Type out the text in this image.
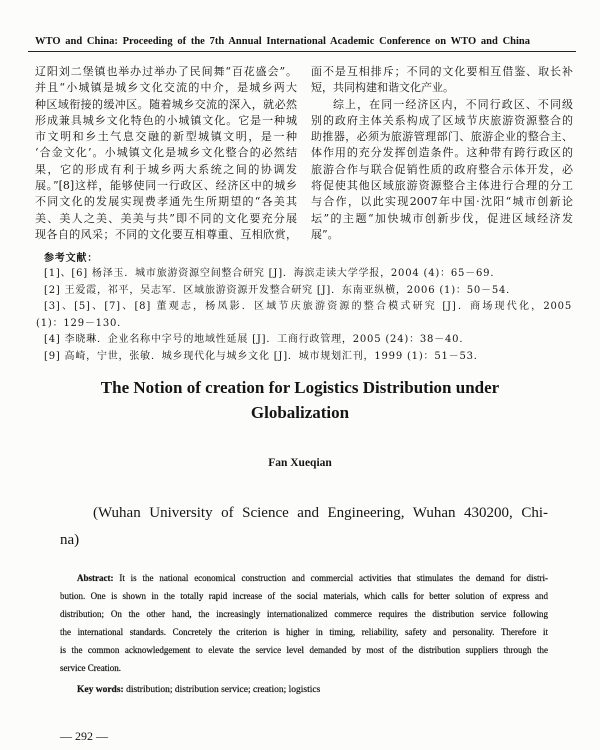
WTO and China: Proceeding of the 7th Annual International Academic Conference on WTO and China
辽阳刘二堡镇也举办过举办了民间舞“百花盛会”。
并且“小城镇是城乡文化交流的中介，是城乡两大
种区域衔接的缓冲区。随着城乡交流的深入，就必然
形成兼具城乡文化特色的小城镇文化。它是一种城
市文明和乡土气息交融的新型城镇文明，是一种
‘合金文化’。小城镇文化是城乡文化整合的必然结
果，它的形成有利于城乡两大系统之间的协调发
展。”[8]这样，能够使同一行政区、经济区中的城乡
不同文化的发展实现费孝通先生所期望的“各美其
美、美人之美、美美与共”即不同的文化要充分展
现各自的风采；不同的文化要互相尊重、互相欣赏，
面不是互相排斥；不同的文化要相互借鉴、取长补
短，共同构建和谐文化产业。
综上，在同一经济区内，不同行政区、不同级
别的政府主体关系构成了区域节庆旅游资源整合的
助推器，必须为旅游管理部门、旅游企业的整合主、
体作用的充分发挥创造条件。这种带有跨行政区的
旅游合作与联合促销性质的政府整合示体开发，必
将促使其他区域旅游资源整合主体进行合理的分工
与合作，以此实现2007年中国·沈阳“城市创新论
坛”的主题“加快城市创新步伐，促进区域经济发
展”。
参考文献：
[1]、[6] 杨泽玉．城市旅游资源空间整合研究 [J]．海滨走读大学学报，2004 (4)：65－69．
[2] 王爱霞，祁平，吴志军．区域旅游资源开发整合研究 [J]．东南亚纵横，2006 (1)：50－54．
[3]、[5]、[7]、[8] 董观志，杨凤影．区域节庆旅游资源的整合模式研究 [J]．商场现代化，2005
(1)：129－130．
[4] 李晓琳．企业名称中字号的地域性延展 [J]．工商行政管理，2005 (24)：38－40．
[9] 高崎，宁世，张敏．城乡现代化与城乡文化 [J]．城市规划汇刊，1999 (1)：51－53．
The Notion of creation for Logistics Distribution under
Globalization
Fan Xueqian
(Wuhan University of Science and Engineering, Wuhan 430200, Chi-
na)
Abstract: It is the national economical construction and commercial activities that stimulates the demand for distri-
bution. One is shown in the totally rapid increase of the social materials, which calls for better solution of express and
distribution; On the other hand, the increasingly internationalized commerce requires the distribution service following
the international standards. Concretely the criterion is higher in timing, reliability, safety and personality. Therefore it
is the common acknowledgement to elevate the service level demanded by most of the distribution suppliers through the
service Creation.
Key words: distribution; distribution service; creation; logistics
— 292 —
